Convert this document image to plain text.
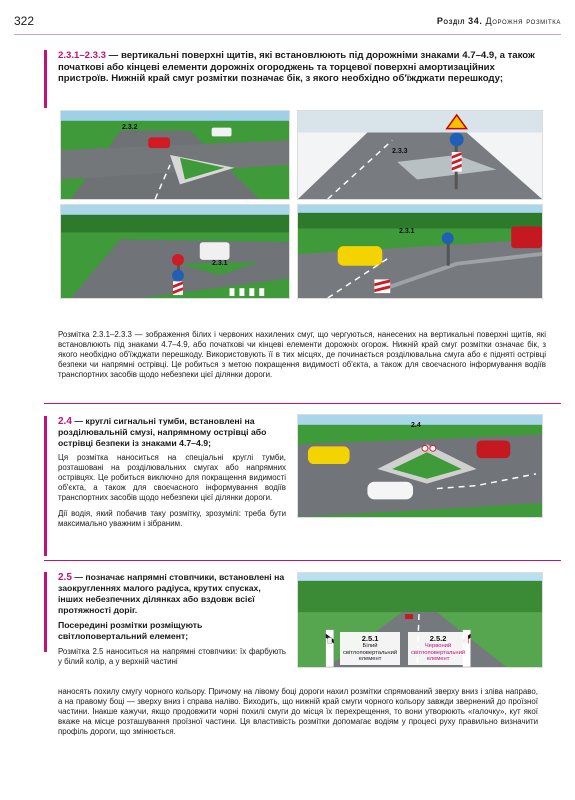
322	Розділ 34. Дорожня розмітка

2.3.1–2.3.3 — вертикальні поверхні щитів, які встановлюють під дорожніми знаками 4.7–4.9, а також початкові або кінцеві елементи дорожніх огороджень та торцевої поверхні амортизаційних пристроїв. Нижній край смуг розмітки позначає бік, з якого необхідно об'їжджати перешкоду;

2.3.2
2.3.3
2.3.1
2.3.1

Розмітка 2.3.1–2.3.3 — зображення білих і червоних нахилених смуг, що чергуються, нанесених на вертикальні поверхні щитів, які встановлюють під знаками 4.7–4.9, або початкові чи кінцеві елементи дорожніх огорож. Нижній край смуг розмітки означає бік, з якого необхідно об'їжджати перешкоду. Використовують її в тих місцях, де починається розділювальна смуга або є підняті острівці безпеки чи напрямні острівці. Це робиться з метою покращення видимості об'єкта, а також для своєчасного інформування водіїв транспортних засобів щодо небезпеки цієї ділянки дороги.

2.4 — круглі сигнальні тумби, встановлені на розділювальній смузі, напрямному острівці або острівці безпеки із знаками 4.7–4.9;

Ця розмітка наноситься на спеціальні круглі тумби, розташовані на розділювальних смугах або напрямних острівцях. Це робиться виключно для покращення видимості об'єкта, а також для своєчасного інформування водіїв транспортних засобів щодо небезпеки цієї ділянки дороги.

Дії водія, який побачив таку розмітку, зрозумілі: треба бути максимально уважним і зібраним.

2.4

2.5 — позначає напрямні стовпчики, встановлені на заокругленнях малого радіуса, крутих спусках, інших небезпечних ділянках або вздовж всієї протяжності доріг.

Посередині розмітки розміщують світлоповертальний елемент;

Розмітка 2.5 наноситься на напрямні стовпчики: їх фарбують у білий колір, а у верхній частині

2.5.1
Білий
світлоповертальний
елемент
2.5.2
Червоний
світлоповертальний
елемент

наносять похилу смугу чорного кольору. Причому на лівому боці дороги нахил розмітки спрямований зверху вниз і зліва направо, а на правому боці — зверху вниз і справа наліво. Виходить, що нижній край смуги чорного кольору завжди звернений до проїзної частини. Інакше кажучи, якщо продовжити чорні похилі смуги до місця їх перехрещення, то вони утворюють «галочку», кут якої вкаже на місце розташування проїзної частини. Ця властивість розмітки допомагає водіям у процесі руху правильно визначити профіль дороги, що змінюється.
